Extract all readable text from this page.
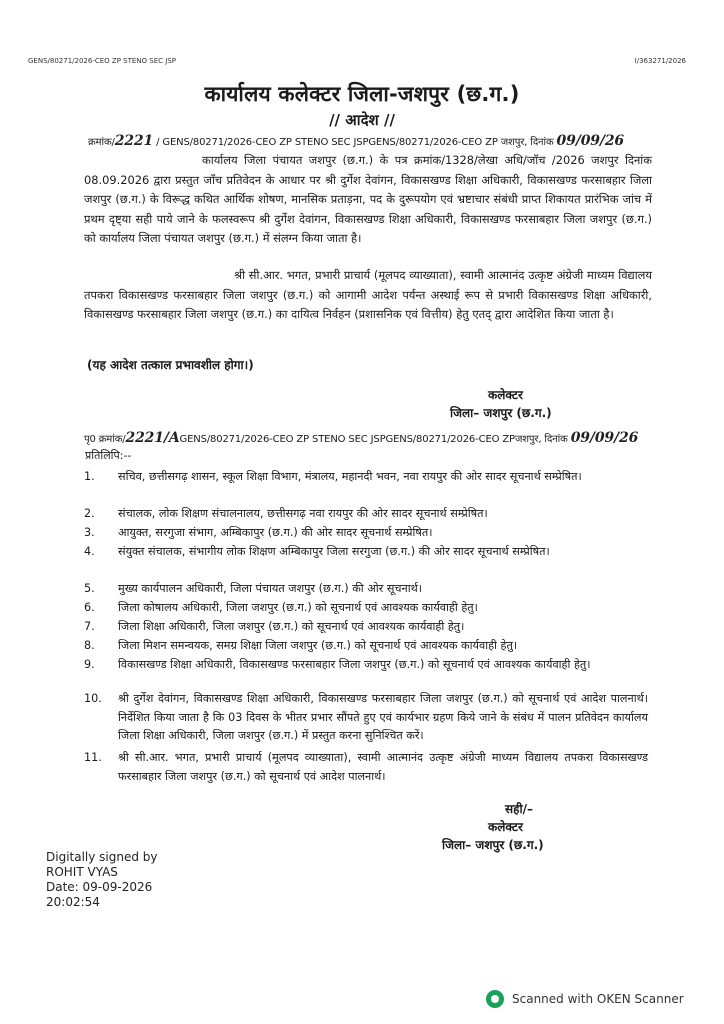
GENS/80271/2026-CEO ZP STENO SEC JSP	I/363271/2026
कार्यालय कलेक्टर जिला-जशपुर (छ.ग.)
// आदेश //
क्रमांक/2221 / GENS/80271/2026-CEO ZP STENO SEC JSPGENS/80271/2026-CEO ZP जशपुर, दिनांक 09/09/26
कार्यालय जिला पंचायत जशपुर (छ.ग.) के पत्र क्रमांक/1328/लेखा अधि/जॉच /2026 जशपुर दिनांक 08.09.2026 द्वारा प्रस्तुत जाँच प्रतिवेदन के आधार पर श्री दुर्गेश देवांगन, विकासखण्ड शिक्षा अधिकारी, विकासखण्ड फरसाबहार जिला जशपुर (छ.ग.) के विरूद्ध कथित आर्थिक शोषण, मानसिक प्रताड़ना, पद के दुरूपयोग एवं भ्रष्टाचार संबंधी प्राप्त शिकायत प्रारंभिक जांच में प्रथम दृष्ट्या सही पाये जाने के फलस्वरूप श्री दुर्गेश देवांगन, विकासखण्ड शिक्षा अधिकारी, विकासखण्ड फरसाबहार जिला जशपुर (छ.ग.) को कार्यालय जिला पंचायत जशपुर (छ.ग.) में संलग्न किया जाता है।
श्री सी.आर. भगत, प्रभारी प्राचार्य (मूलपद व्याख्याता), स्वामी आत्मानंद उत्कृष्ट अंग्रेजी माध्यम विद्यालय तपकरा विकासखण्ड फरसाबहार जिला जशपुर (छ.ग.) को आगामी आदेश पर्यन्त अस्थाई रूप से प्रभारी विकासखण्ड शिक्षा अधिकारी, विकासखण्ड फरसाबहार जिला जशपुर (छ.ग.) का दायित्व निर्वहन (प्रशासनिक एवं वित्तीय) हेतु एतद् द्वारा आदेशित किया जाता है।
(यह आदेश तत्काल प्रभावशील होगा।)
कलेक्टर
जिला– जशपुर (छ.ग.)
पृ0 क्रमांक/2221/AGENS/80271/2026-CEO ZP STENO SEC JSPGENS/80271/2026-CEO ZPजशपुर, दिनांक 09/09/26
प्रतिलिपि:--
1.	सचिव, छत्तीसगढ़ शासन, स्कूल शिक्षा विभाग, मंत्रालय, महानदी भवन, नवा रायपुर की ओर सादर सूचनार्थ सम्प्रेषित।
2.	संचालक, लोक शिक्षण संचालनालय, छत्तीसगढ़ नवा रायपुर की ओर सादर सूचनार्थ सम्प्रेषित।
3.	आयुक्त, सरगुजा संभाग, अम्बिकापुर (छ.ग.) की ओर सादर सूचनार्थ सम्प्रेषित।
4.	संयुक्त संचालक, संभागीय लोक शिक्षण अम्बिकापुर जिला सरगुजा (छ.ग.) की ओर सादर सूचनार्थ सम्प्रेषित।
5.	मुख्य कार्यपालन अधिकारी, जिला पंचायत जशपुर (छ.ग.) की ओर सूचनार्थ।
6.	जिला कोषालय अधिकारी, जिला जशपुर (छ.ग.) को सूचनार्थ एवं आवश्यक कार्यवाही हेतु।
7.	जिला शिक्षा अधिकारी, जिला जशपुर (छ.ग.) को सूचनार्थ एवं आवश्यक कार्यवाही हेतु।
8.	जिला मिशन समन्वयक, समग्र शिक्षा जिला जशपुर (छ.ग.) को सूचनार्थ एवं आवश्यक कार्यवाही हेतु।
9.	विकासखण्ड शिक्षा अधिकारी, विकासखण्ड फरसाबहार जिला जशपुर (छ.ग.) को सूचनार्थ एवं आवश्यक कार्यवाही हेतु।
10. श्री दुर्गेश देवांगन, विकासखण्ड शिक्षा अधिकारी, विकासखण्ड फरसाबहार जिला जशपुर (छ.ग.) को सूचनार्थ एवं आदेश पालनार्थ। निर्देशित किया जाता है कि 03 दिवस के भीतर प्रभार सौंपते हुए एवं कार्यभार ग्रहण किये जाने के संबंध में पालन प्रतिवेदन कार्यालय जिला शिक्षा अधिकारी, जिला जशपुर (छ.ग.) में प्रस्तुत करना सुनिश्चित करें।
11. श्री सी.आर. भगत, प्रभारी प्राचार्य (मूलपद व्याख्याता), स्वामी आत्मानंद उत्कृष्ट अंग्रेजी माध्यम विद्यालय तपकरा विकासखण्ड फरसाबहार जिला जशपुर (छ.ग.) को सूचनार्थ एवं आदेश पालनार्थ।
सही/–
कलेक्टर
जिला– जशपुर (छ.ग.)
Digitally signed by
ROHIT VYAS
Date: 09-09-2026
20:02:54
Scanned with OKEN Scanner
